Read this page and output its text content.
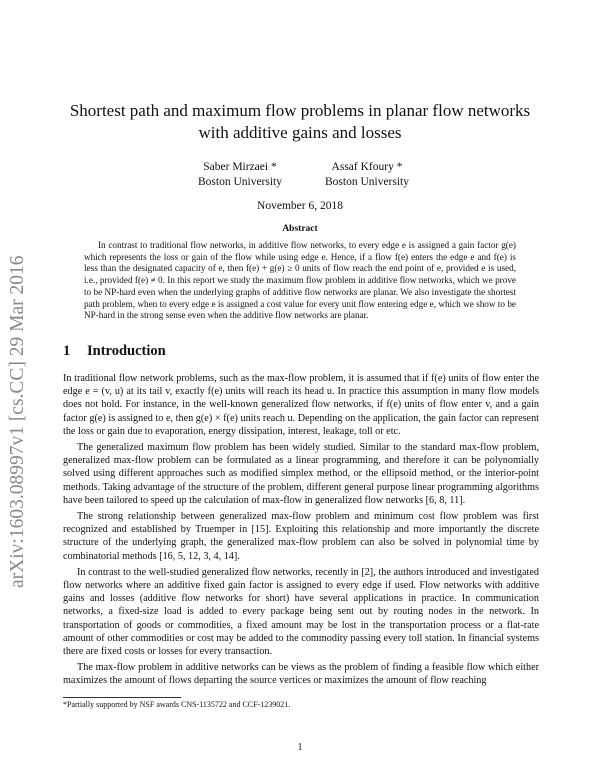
arXiv:1603.08997v1 [cs.CC] 29 Mar 2016
Shortest path and maximum flow problems in planar flow networks with additive gains and losses
Saber Mirzaei *
Boston University
Assaf Kfoury *
Boston University
November 6, 2018
Abstract
In contrast to traditional flow networks, in additive flow networks, to every edge e is assigned a gain factor g(e) which represents the loss or gain of the flow while using edge e. Hence, if a flow f(e) enters the edge e and f(e) is less than the designated capacity of e, then f(e) + g(e) ≥ 0 units of flow reach the end point of e, provided e is used, i.e., provided f(e) ≠ 0. In this report we study the maximum flow problem in additive flow networks, which we prove to be NP-hard even when the underlying graphs of additive flow networks are planar. We also investigate the shortest path problem, when to every edge e is assigned a cost value for every unit flow entering edge e, which we show to be NP-hard in the strong sense even when the additive flow networks are planar.
1 Introduction

In traditional flow network problems, such as the max-flow problem, it is assumed that if f(e) units of flow enter the edge e = (v, u) at its tail v, exactly f(e) units will reach its head u. In practice this assumption in many flow models does not hold. For instance, in the well-known generalized flow networks, if f(e) units of flow enter v, and a gain factor g(e) is assigned to e, then g(e) × f(e) units reach u. Depending on the application, the gain factor can represent the loss or gain due to evaporation, energy dissipation, interest, leakage, toll or etc.

The generalized maximum flow problem has been widely studied. Similar to the standard max-flow problem, generalized max-flow problem can be formulated as a linear programming, and therefore it can be polynomially solved using different approaches such as modified simplex method, or the ellipsoid method, or the interior-point methods. Taking advantage of the structure of the problem, different general purpose linear programming algorithms have been tailored to speed up the calculation of max-flow in generalized flow networks [6, 8, 11].

The strong relationship between generalized max-flow problem and minimum cost flow problem was first recognized and established by Truemper in [15]. Exploiting this relationship and more importantly the discrete structure of the underlying graph, the generalized max-flow problem can also be solved in polynomial time by combinatorial methods [16, 5, 12, 3, 4, 14].

In contrast to the well-studied generalized flow networks, recently in [2], the authors introduced and investigated flow networks where an additive fixed gain factor is assigned to every edge if used. Flow networks with additive gains and losses (additive flow networks for short) have several applications in practice. In communication networks, a fixed-size load is added to every package being sent out by routing nodes in the network. In transportation of goods or commodities, a fixed amount may be lost in the transportation process or a flat-rate amount of other commodities or cost may be added to the commodity passing every toll station. In financial systems there are fixed costs or losses for every transaction.

The max-flow problem in additive networks can be views as the problem of finding a feasible flow which either maximizes the amount of flows departing the source vertices or maximizes the amount of flow reaching

*Partially supported by NSF awards CNS-1135722 and CCF-1239021.
1
